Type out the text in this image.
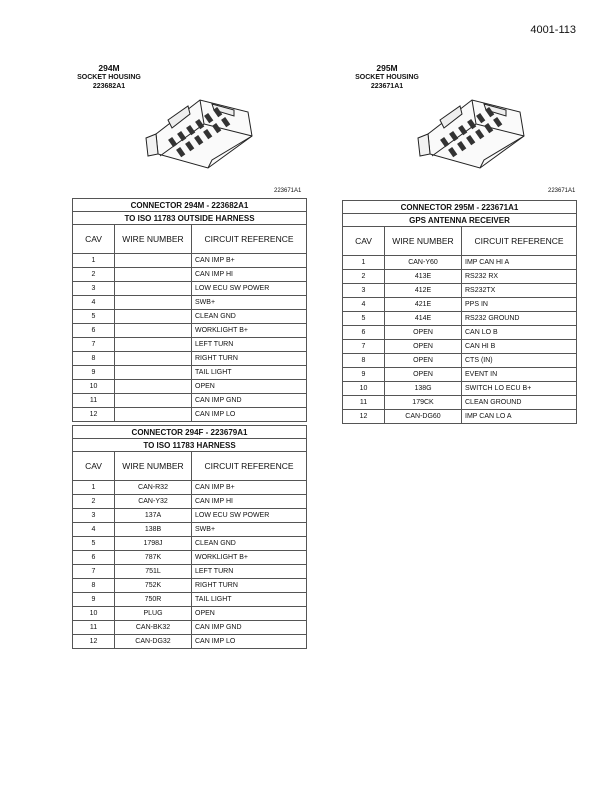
4001-113
294M
SOCKET HOUSING
223682A1
223671A1
295M
SOCKET HOUSING
223671A1
223671A1
CONNECTOR 294M - 223682A1		
TO ISO 11783 OUTSIDE HARNESS		
CAV	WIRE NUMBER	CIRCUIT REFERENCE
1		CAN IMP B+
2		CAN IMP HI
3		LOW ECU SW POWER
4		SWB+
5		CLEAN GND
6		WORKLIGHT B+
7		LEFT TURN
8		RIGHT TURN
9		TAIL LIGHT
10		OPEN
11		CAN IMP GND
12		CAN IMP LO
CONNECTOR 294F - 223679A1		
TO ISO 11783 HARNESS		
CAV	WIRE NUMBER	CIRCUIT REFERENCE
1	CAN-R32	CAN IMP B+
2	CAN-Y32	CAN IMP HI
3	137A	LOW ECU SW POWER
4	138B	SWB+
5	1798J	CLEAN GND
6	787K	WORKLIGHT B+
7	751L	LEFT TURN
8	752K	RIGHT TURN
9	750R	TAIL LIGHT
10	PLUG	OPEN
11	CAN-BK32	CAN IMP GND
12	CAN-DG32	CAN IMP LO
CONNECTOR 295M - 223671A1		
GPS ANTENNA RECEIVER		
CAV	WIRE NUMBER	CIRCUIT REFERENCE
1	CAN-Y60	IMP CAN HI A
2	413E	RS232 RX
3	412E	RS232TX
4	421E	PPS IN
5	414E	RS232 GROUND
6	OPEN	CAN LO B
7	OPEN	CAN HI B
8	OPEN	CTS (IN)
9	OPEN	EVENT IN
10	138G	SWITCH LO ECU B+
11	179CK	CLEAN GROUND
12	CAN-DG60	IMP CAN LO A
